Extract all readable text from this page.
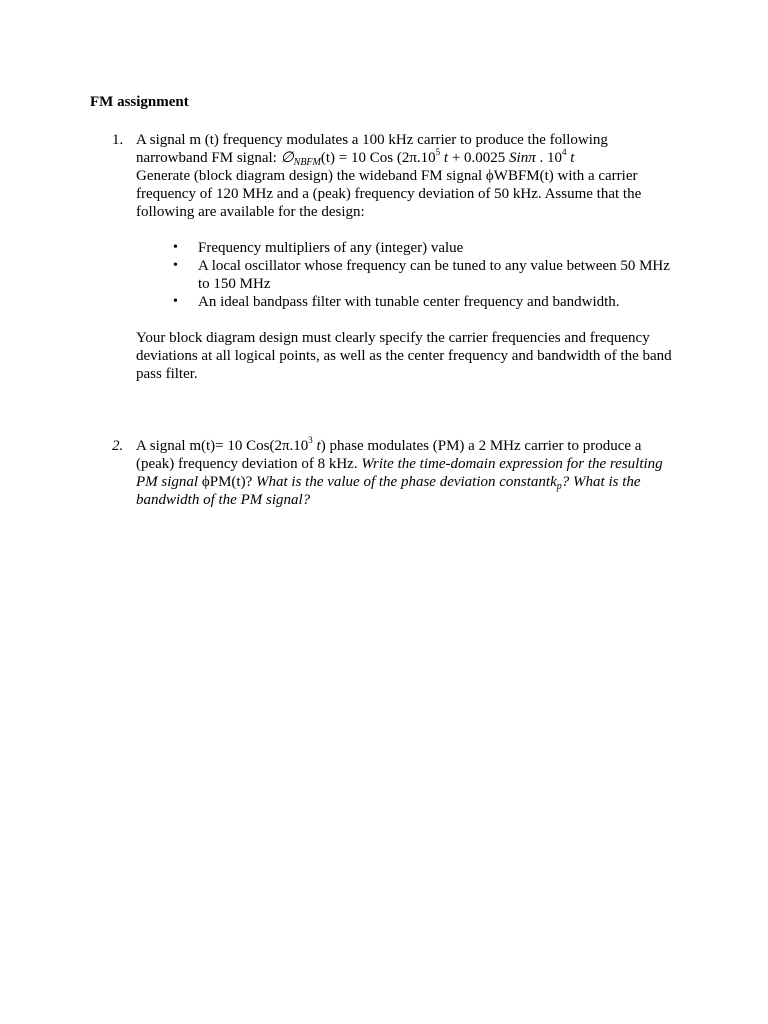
FM assignment
1. A signal m (t) frequency modulates a 100 kHz carrier to produce the following
narrowband FM signal: $\emptyset_{NBFM}(t) = 10$ Cos ($2\pi.10^5$ t + 0.0025 Sinπ . $10^4$ t
Generate (block diagram design) the wideband FM signal ϕWBFM(t) with a carrier
frequency of 120 MHz and a (peak) frequency deviation of 50 kHz. Assume that the
following are available for the design:
• Frequency multipliers of any (integer) value
• A local oscillator whose frequency can be tuned to any value between 50 MHz
to 150 MHz
• An ideal bandpass filter with tunable center frequency and bandwidth.
Your block diagram design must clearly specify the carrier frequencies and frequency
deviations at all logical points, as well as the center frequency and bandwidth of the band
pass filter.
2. A signal m(t)= 10 $Cos(2\pi.10^3$ t) phase modulates (PM) a 2 MHz carrier to produce a
(peak) frequency deviation of 8 kHz. Write the time-domain expression for the resulting
PM signal ϕPM(t)? What is the value of the phase deviation constantk$_p$? What is the
bandwidth of the PM signal?
